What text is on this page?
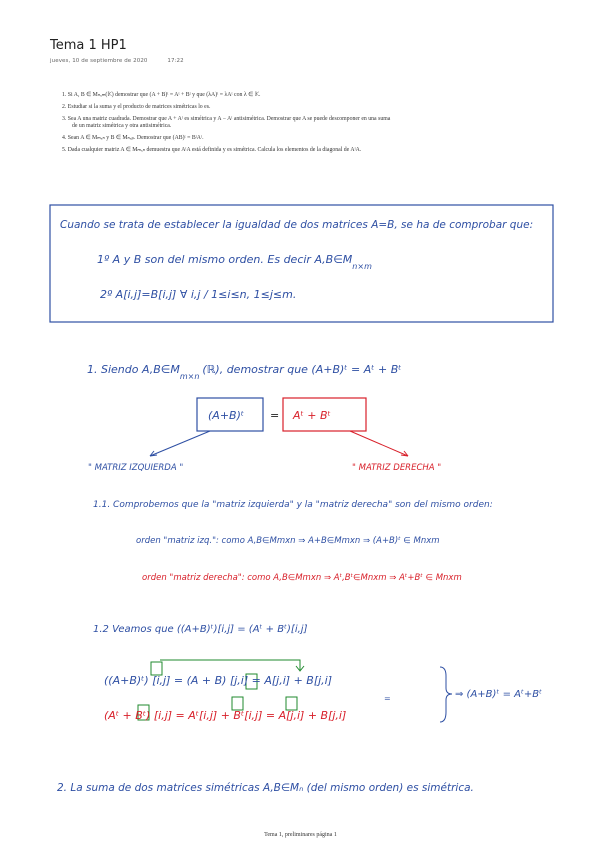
Tema 1 HP1
jueves, 10 de septiembre de 2020	17:22
1. Si A, B ∈ Mₙₓₘ(𝕂) demostrar que (A + B)ᵗ = Aᵗ + Bᵗ y que (λA)ᵗ = λAᵗ con λ ∈ 𝕂.
2. Estudiar si la suma y el producto de matrices simétricas lo es.
3. Sea A una matriz cuadrada. Demostrar que A + Aᵗ es simétrica y A − Aᵗ antisimétrica. Demostrar que A se puede descomponer en una suma de un matriz simétrica y otra antisimétrica.
4. Sean A ∈ Mₘₓₙ y B ∈ Mₙₓₚ. Demostrar que (AB)ᵗ = BᵗAᵗ.
5. Dada cualquier matriz A ∈ Mₘₓₙ demuestra que AᵗA está definida y es simétrica. Calcula los elementos de la diagonal de AᵗA.
Cuando se trata de establecer la igualdad de dos matrices A=B, se ha de comprobar que:
1º A y B son del mismo orden. Es decir $A,B\in M_{n\times m}$
2º A[i,j]=B[i,j] ∀ i,j / 1≤i≤n, 1≤j≤m.
1. Siendo $A,B\in M_{m\times n}(ℝ)$, demostrar que (A+B)ᵗ = Aᵗ + Bᵗ
(A+B)ᵗ = Aᵗ + Bᵗ
" MATRIZ IZQUIERDA "	" MATRIZ DERECHA "
1.1. Comprobemos que la "matriz izquierda" y la "matriz derecha" son del mismo orden:
orden "matriz izq.": como A,B∈Mmxn ⇒ A+B∈Mmxn ⇒ (A+B)ᵗ ∈ Mnxm
orden "matriz derecha": como A,B∈Mmxn ⇒ Aᵗ,Bᵗ∈Mnxm ⇒ Aᵗ+Bᵗ ∈ Mnxm
1.2 Veamos que ((A+B)ᵗ)[i,j] = (Aᵗ + Bᵗ)[i,j]
((A+B)ᵗ) [i,j] = (A + B) [j,i] = A[j,i] + B[j,i]
=
(Aᵗ + Bᵗ) [i,j] = Aᵗ[i,j] + Bᵗ[i,j] = A[j,i] + B[j,i]
⇒ (A+B)ᵗ = Aᵗ+Bᵗ
2. La suma de dos matrices simétricas A,B∈Mₙ (del mismo orden) es simétrica.
Tema 1, preliminares página 1
